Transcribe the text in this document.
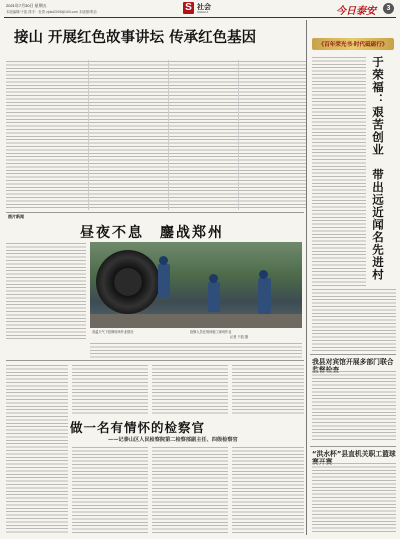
2021年7月30日 星期五
本版编辑/于凯 排手：杜蒙 zjdsd2008@163.com 本版照/集彩	S 社会
SHEHUI	今日泰安	3
接山 开展红色故事讲坛 传承红色基因	《百年荣光书·时代砥砺行》
于荣福：艰苦创业　带出远近闻名先进村
图片新闻
昼夜不息　鏖战郑州
高温天气下抢修现场作业情况	抢修人员在现场施工现场作业
记者 于凯 摄
做一名有情怀的检察官
——记泰山区人民检察院第二检察部副主任、四级检察官
我县对宾馆开展多部门联合
“洪水杯”县直机关职工篮球
